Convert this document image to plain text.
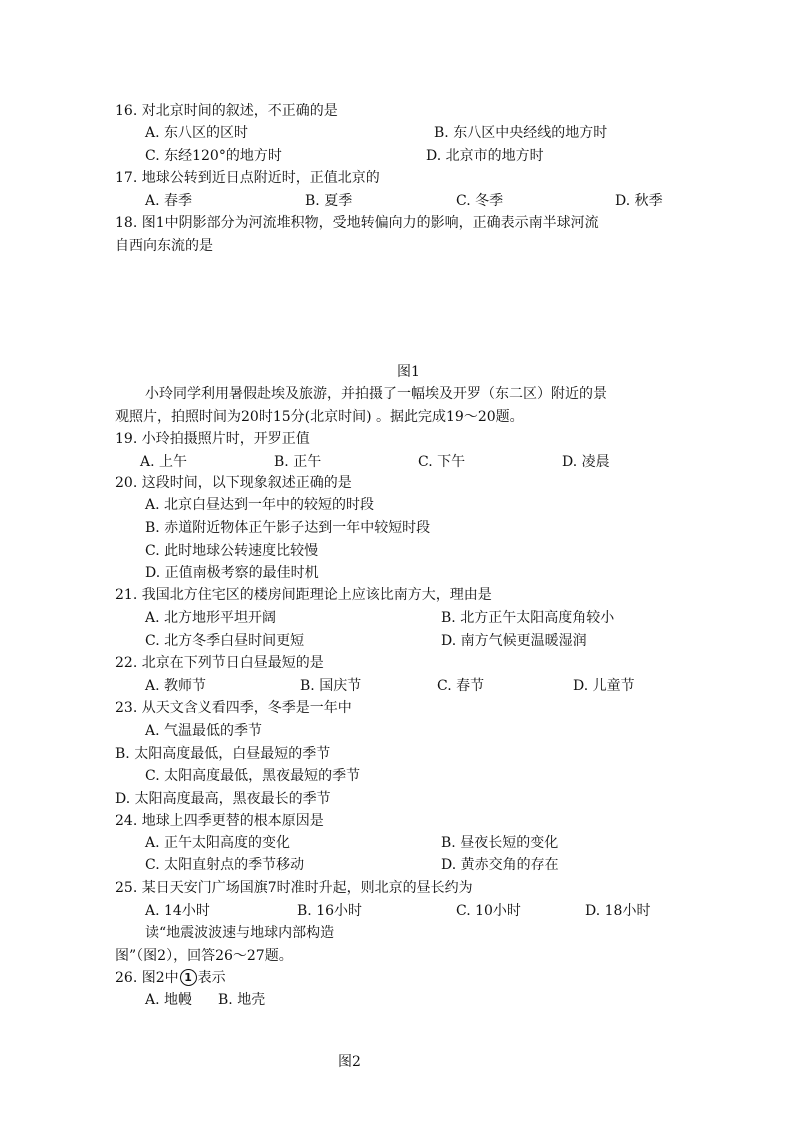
16. 对北京时间的叙述，不正确的是
A. 东八区的区时	B. 东八区中央经线的地方时
C. 东经120°的地方时	D. 北京市的地方时
17. 地球公转到近日点附近时，正值北京的
A. 春季	B. 夏季	C. 冬季	D. 秋季
18. 图1中阴影部分为河流堆积物，受地转偏向力的影响，正确表示南半球河流
自西向东流的是
图1
小玲同学利用暑假赴埃及旅游，并拍摄了一幅埃及开罗（东二区）附近的景
观照片，拍照时间为20时15分(北京时间) 。据此完成19～20题。
19. 小玲拍摄照片时，开罗正值
A. 上午	B. 正午	C. 下午	D. 凌晨
20. 这段时间，以下现象叙述正确的是
A. 北京白昼达到一年中的较短的时段
B. 赤道附近物体正午影子达到一年中较短时段
C. 此时地球公转速度比较慢
D. 正值南极考察的最佳时机
21. 我国北方住宅区的楼房间距理论上应该比南方大，理由是
A. 北方地形平坦开阔	B. 北方正午太阳高度角较小
C. 北方冬季白昼时间更短	D. 南方气候更温暖湿润
22. 北京在下列节日白昼最短的是
A. 教师节	B. 国庆节	C. 春节	D. 儿童节
23. 从天文含义看四季，冬季是一年中
A. 气温最低的季节
B. 太阳高度最低，白昼最短的季节
C. 太阳高度最低，黑夜最短的季节
D. 太阳高度最高，黑夜最长的季节
24. 地球上四季更替的根本原因是
A. 正午太阳高度的变化	B. 昼夜长短的变化
C. 太阳直射点的季节移动	D. 黄赤交角的存在
25. 某日天安门广场国旗7时准时升起，则北京的昼长约为
A. 14小时	B. 16小时	C. 10小时	D. 18小时
读“地震波波速与地球内部构造
图”（图2），回答26～27题。
26. 图2中 1 表示
A. 地幔 B. 地壳
图2
